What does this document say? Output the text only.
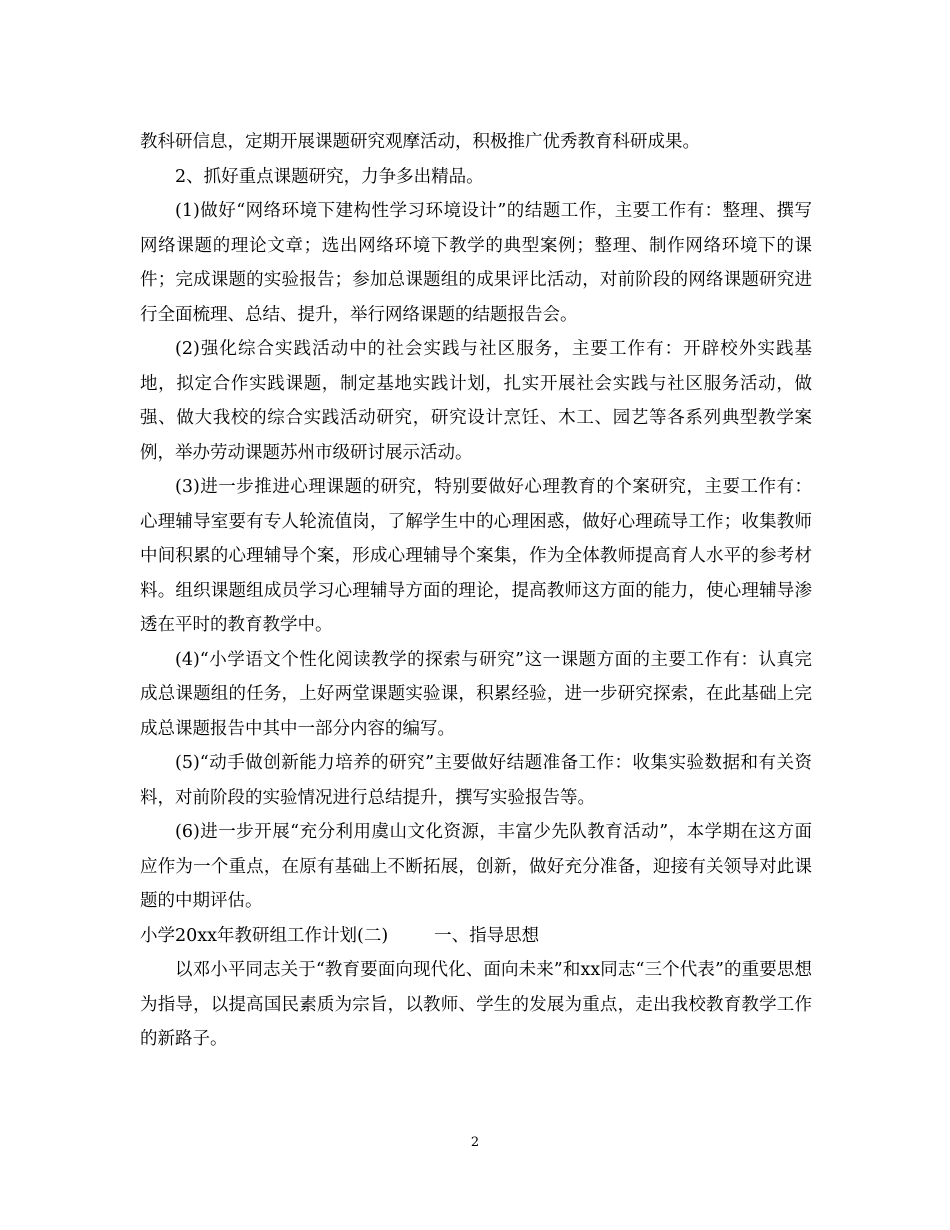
教科研信息，定期开展课题研究观摩活动，积极推广优秀教育科研成果。

2、抓好重点课题研究，力争多出精品。

(1)做好“网络环境下建构性学习环境设计”的结题工作，主要工作有：整理、撰写网络课题的理论文章；选出网络环境下教学的典型案例；整理、制作网络环境下的课件；完成课题的实验报告；参加总课题组的成果评比活动，对前阶段的网络课题研究进行全面梳理、总结、提升，举行网络课题的结题报告会。

(2)强化综合实践活动中的社会实践与社区服务，主要工作有：开辟校外实践基地，拟定合作实践课题，制定基地实践计划，扎实开展社会实践与社区服务活动，做强、做大我校的综合实践活动研究，研究设计烹饪、木工、园艺等各系列典型教学案例，举办劳动课题苏州市级研讨展示活动。

(3)进一步推进心理课题的研究，特别要做好心理教育的个案研究，主要工作有：心理辅导室要有专人轮流值岗，了解学生中的心理困惑，做好心理疏导工作；收集教师中间积累的心理辅导个案，形成心理辅导个案集，作为全体教师提高育人水平的参考材料。组织课题组成员学习心理辅导方面的理论，提高教师这方面的能力，使心理辅导渗透在平时的教育教学中。

(4)“小学语文个性化阅读教学的探索与研究”这一课题方面的主要工作有：认真完成总课题组的任务，上好两堂课题实验课，积累经验，进一步研究探索，在此基础上完成总课题报告中其中一部分内容的编写。

(5)“动手做创新能力培养的研究”主要做好结题准备工作：收集实验数据和有关资料，对前阶段的实验情况进行总结提升，撰写实验报告等。

(6)进一步开展“充分利用虞山文化资源，丰富少先队教育活动”，本学期在这方面应作为一个重点，在原有基础上不断拓展，创新，做好充分准备，迎接有关领导对此课题的中期评估。

小学20xx年教研组工作计划(二)	一、指导思想

以邓小平同志关于“教育要面向现代化、面向未来”和xx同志“三个代表”的重要思想为指导，以提高国民素质为宗旨，以教师、学生的发展为重点，走出我校教育教学工作的新路子。

2
